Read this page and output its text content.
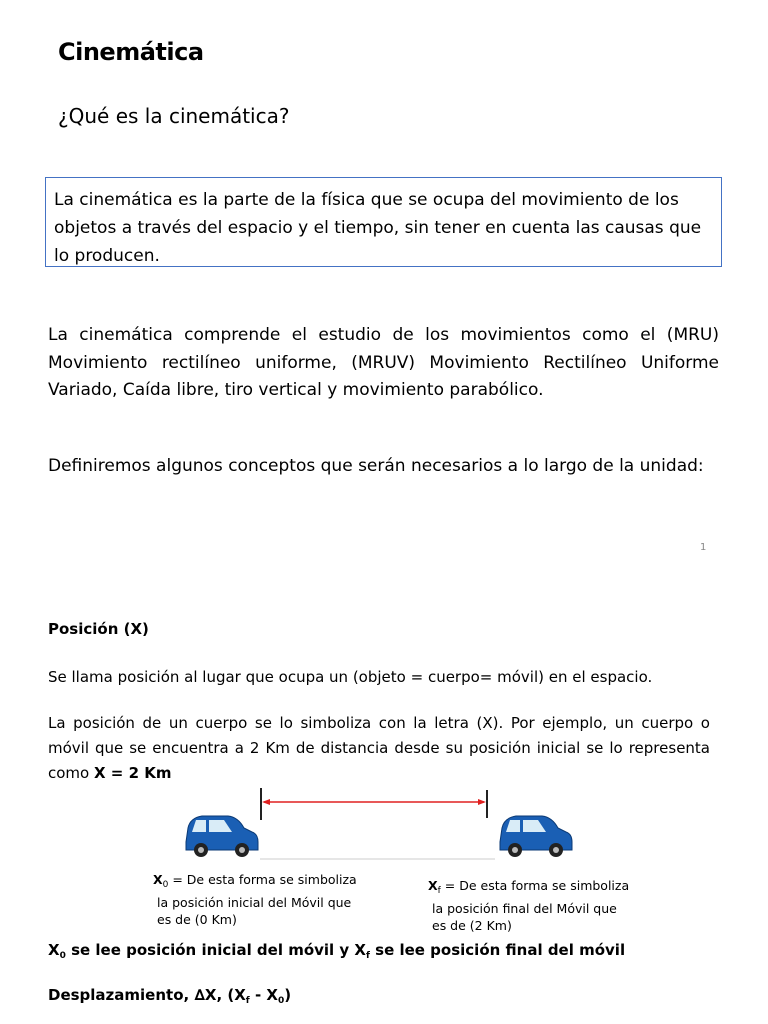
Cinemática
¿Qué es la cinemática?
La cinemática es la parte de la física que se ocupa del movimiento de los objetos a través del espacio y el tiempo, sin tener en cuenta las causas que lo producen.
La cinemática comprende el estudio de los movimientos como el (MRU) Movimiento rectilíneo uniforme, (MRUV) Movimiento Rectilíneo Uniforme Variado, Caída libre, tiro vertical y movimiento parabólico.
Definiremos algunos conceptos que serán necesarios a lo largo de la unidad:
1
Posición (X)
Se llama posición al lugar que ocupa un (objeto = cuerpo= móvil) en el espacio.
La posición de un cuerpo se lo simboliza con la letra (X). Por ejemplo, un cuerpo o móvil que se encuentra a 2 Km de distancia desde su posición inicial se lo representa como X = 2 Km
$X_0 = De$ esta forma se simboliza
la posición inicial del Móvil que es de (0 Km)
$X_f = De$ esta forma se simboliza
la posición final del Móvil que es de (2 Km)
$X_0$ se lee posición inicial del móvil y $X_f$ se lee posición final del móvil
Desplazamiento, ∆X, $(X_f - X_0)$
